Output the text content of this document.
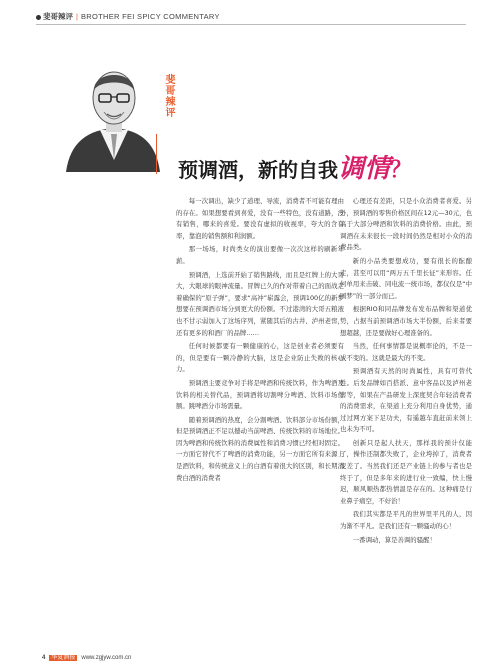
斐哥辣评 | BROTHER FEI SPICY COMMENTARY
斐哥辣评
预调酒，新的自我调情？

每一次调出，缺少了道理、导流，消费者不可能有理由的存在。如果想要看到喜爱，没有一些特色，没有道路，没有销售，哪来的喜爱。要没有虚拟的收视率，夸大的含有率，靠泡的销售额和利润额。

那一场场，时尚类女的演出要像一次次这样的刷新年薪。

预调酒，上选前开始了销售路线，而且是红牌上的大哥大，大眼球的眼神流量。冒牌已久的作对带着自己的面战走着确保的“原子弹”，要求“高冲”崭露会，预调100亿的新梦想要在预调酒市场分到更大的份额。不过港湾的大哥五粮液也不甘示弱加入了这场序列，紧随其后的古井、泸州老窖，还有更多的和酒厂的品牌……

任何时候都要有一颗健康的心，这是创业者必须要有的，但是要有一颗冷静的大脑，这是企业防止失败的核心力。

预调酒主要竞争对手将是啤酒和传统饮料，作为啤酒及饮料的相关替代品，预调酒将切割啤分啤酒、饮料市场份额。跳啤酒分市场需量。

随着预调酒的热度，会分割啤酒、饮料部分市场份额，但是预调酒正不足以撼动当前啤酒、传统饮料的市场地位。因为啤酒和传统饮料的消费属性和消费习惯已经相对固定。一方面它替代不了啤酒的消费功能，另一方面它所有来源上是酒饮料，和传统意义上的白酒有着很大的区别，和长期消费白酒的消费者

心理还有差距，只是小众消费者喜爱。另外，预调酒的零售价格区间在12元—30元，也高于大部分啤酒和饮料的消费价格。由此，预调酒在未来很长一段时间仍然是相对小众的消费品类。

新的小品类要想成功，要有很长的酝酿走，甚至可以用“两万五千里长征”来形容。任何单用来击破、同电流一统市场，都仅仅是“中国梦”的一部分而已。

根据RIO和同品牌发布发布品牌和渠道优势，占据当前预调酒市场大半份额，后来者要想超越，还是要做好心理准备的。

当然，任何事情都是说概率论的，不是一成不变的。这就是最大的不变。

预调酒有天然的时尚属性，具有可替代性。后发品牌如百搭派、意中客品以及泸州老窖等，如果在产品研发上深度契合年轻消费者的消费需求，在渠道上充分利用自身优势，通过过网方案下足功夫，有遥越车直赶前来领上也未为不可。

创新只是起人扶天，那样我的预计仅能了，操作还制都失败了，企业垮掉了，消费者变差了。当然我们还是产业链上的参与者也是终于了，但是多年来的进行业一致编，快上慢迟，顺风顺热都热情温是存在的。这种痛是行业鼻子痛空，不好治！

我们其实都是平凡的世界里平凡的人，因为渐不平凡。是我们还有一颗骚动的心！

一番调动，算是善调的骚醒！

4 华夏酒报 www.zgjyw.com.cn
